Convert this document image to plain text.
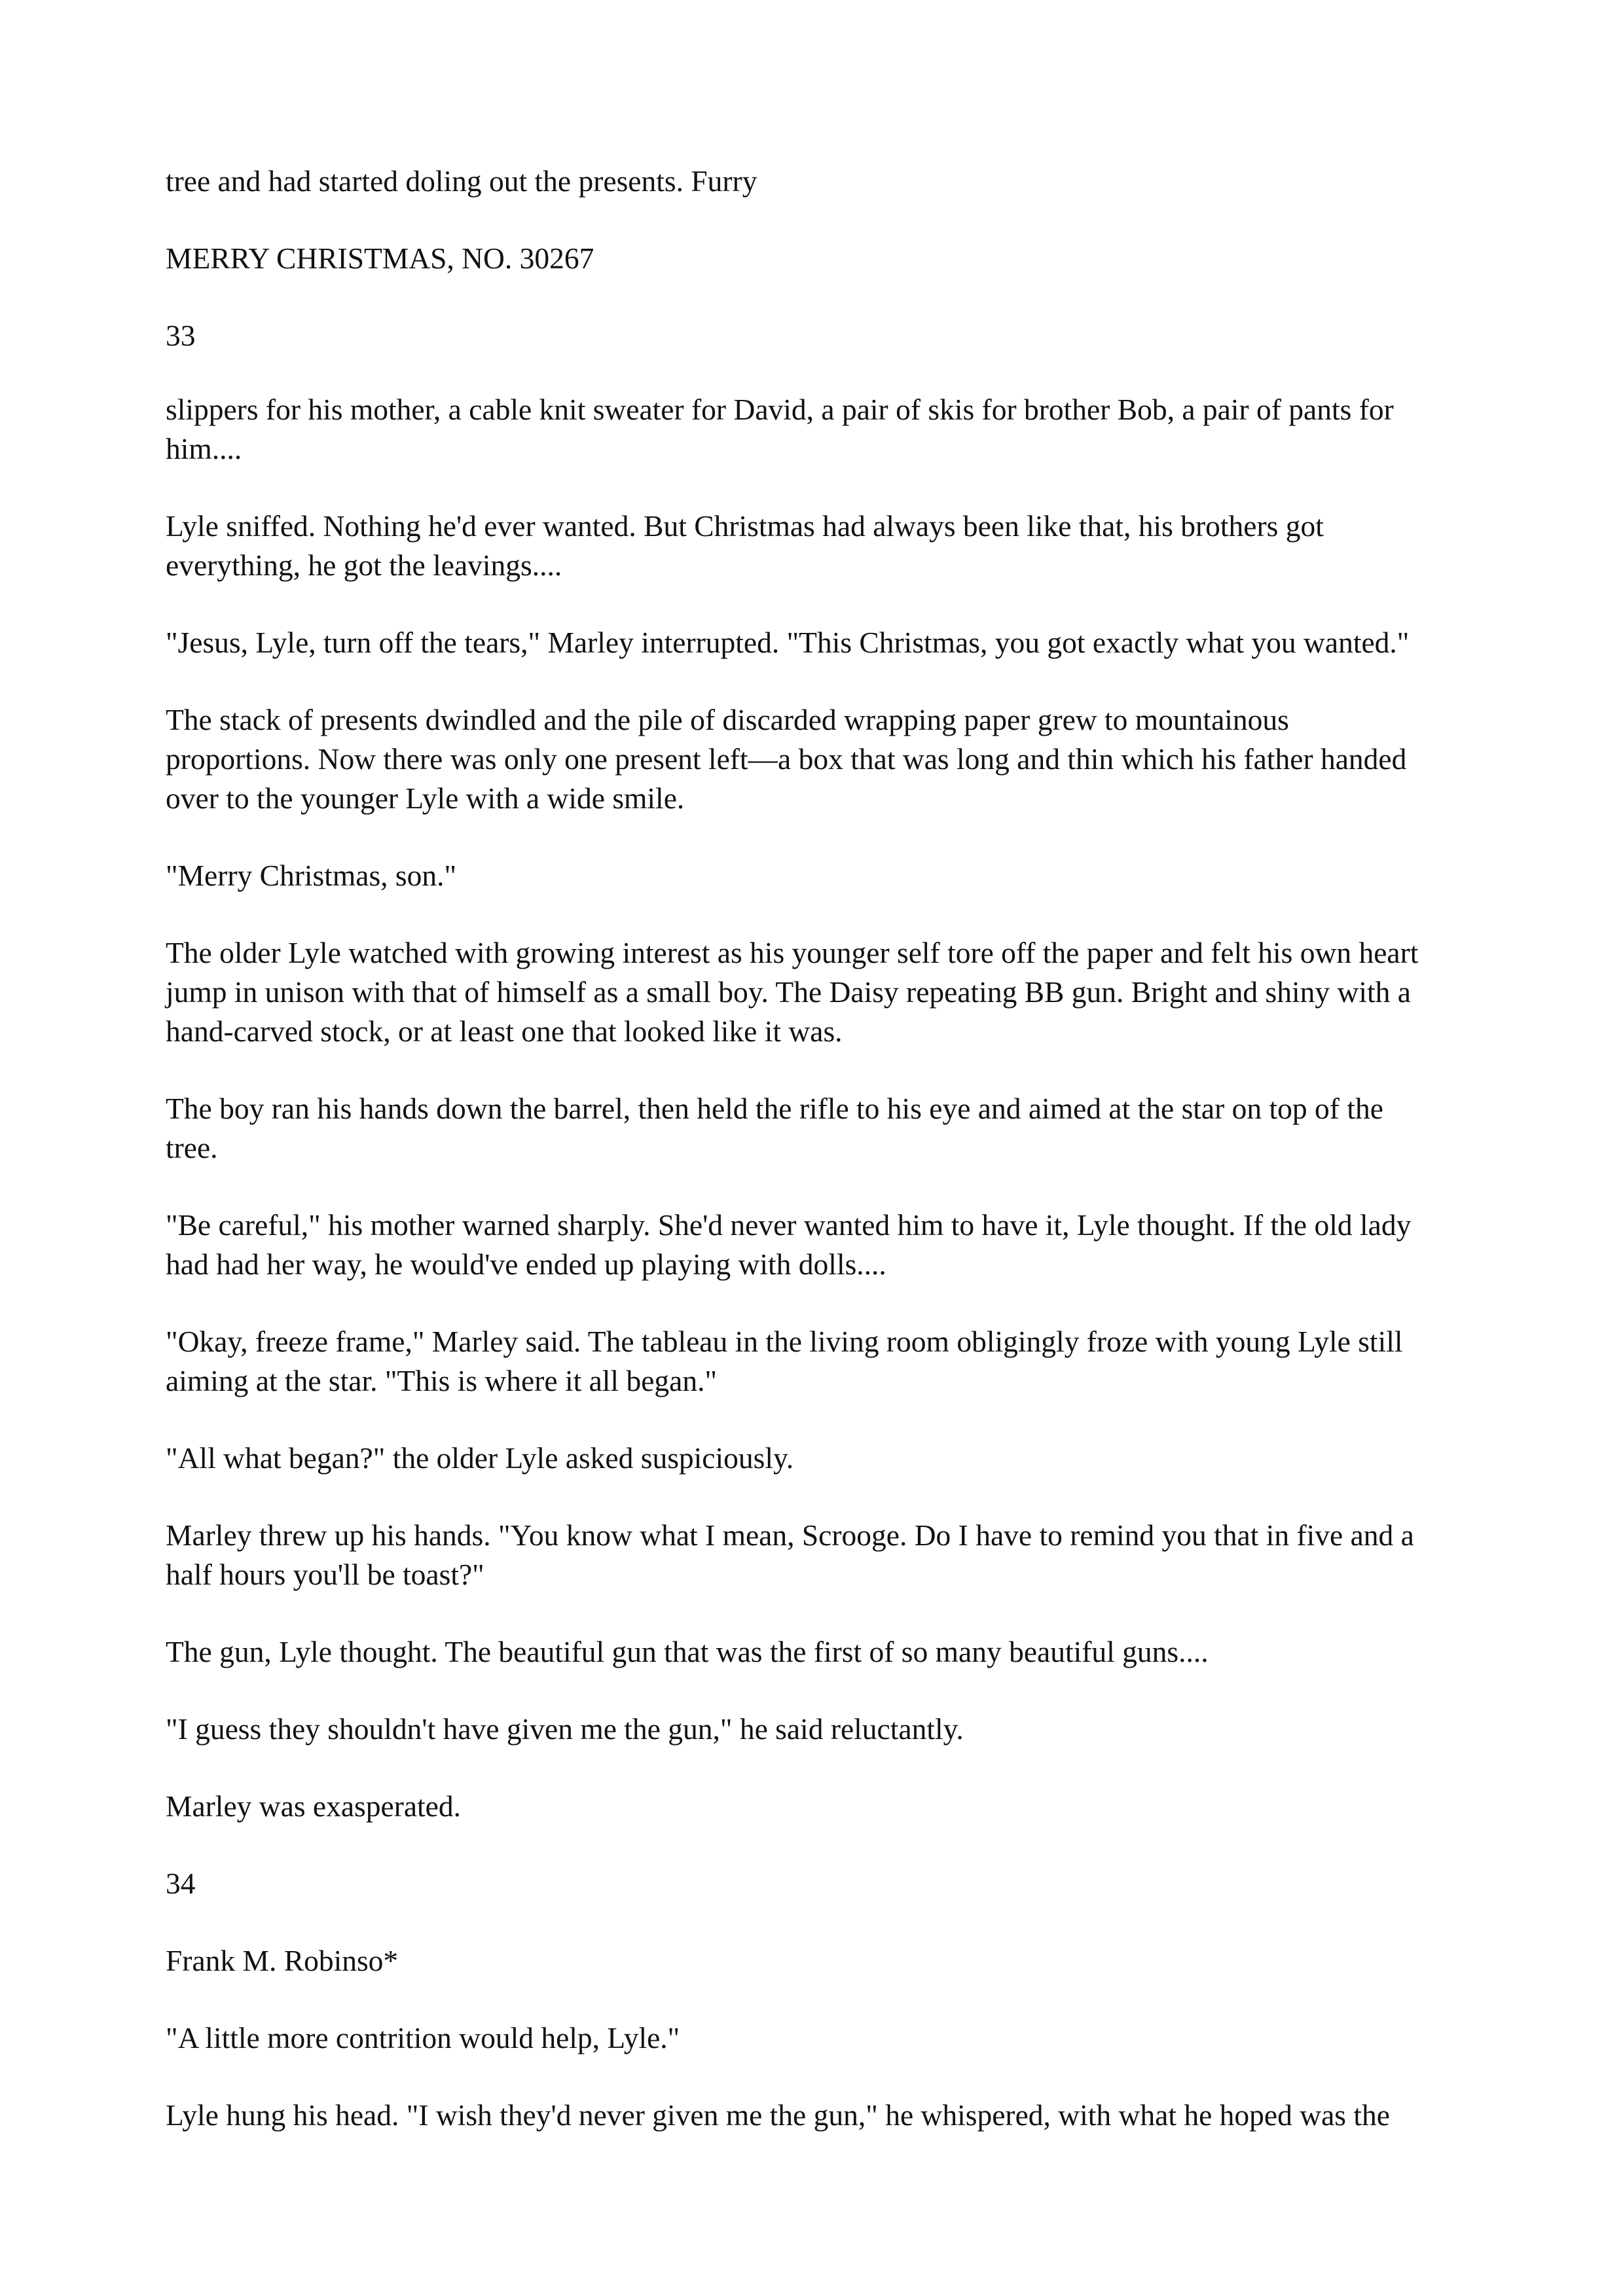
tree and had started doling out the presents. Furry

MERRY CHRISTMAS, NO. 30267

33

slippers for his mother, a cable knit sweater for David, a pair of skis for brother Bob, a pair of pants for

him....

Lyle sniffed. Nothing he'd ever wanted. But Christmas had always been like that, his brothers got

everything, he got the leavings....

"Jesus, Lyle, turn off the tears," Marley interrupted. "This Christmas, you got exactly what you wanted."

The stack of presents dwindled and the pile of discarded wrapping paper grew to mountainous

proportions. Now there was only one present left—a box that was long and thin which his father handed

over to the younger Lyle with a wide smile.

"Merry Christmas, son."

The older Lyle watched with growing interest as his younger self tore off the paper and felt his own heart

jump in unison with that of himself as a small boy. The Daisy repeating BB gun. Bright and shiny with a

hand-carved stock, or at least one that looked like it was.

The boy ran his hands down the barrel, then held the rifle to his eye and aimed at the star on top of the

tree.

"Be careful," his mother warned sharply. She'd never wanted him to have it, Lyle thought. If the old lady

had had her way, he would've ended up playing with dolls....

"Okay, freeze frame," Marley said. The tableau in the living room obligingly froze with young Lyle still

aiming at the star. "This is where it all began."

"All what began?" the older Lyle asked suspiciously.

Marley threw up his hands. "You know what I mean, Scrooge. Do I have to remind you that in five and a

half hours you'll be toast?"

The gun, Lyle thought. The beautiful gun that was the first of so many beautiful guns....

"I guess they shouldn't have given me the gun," he said reluctantly.

Marley was exasperated.

34

Frank M. Robinso*

"A little more contrition would help, Lyle."

Lyle hung his head. "I wish they'd never given me the gun," he whispered, with what he hoped was the
